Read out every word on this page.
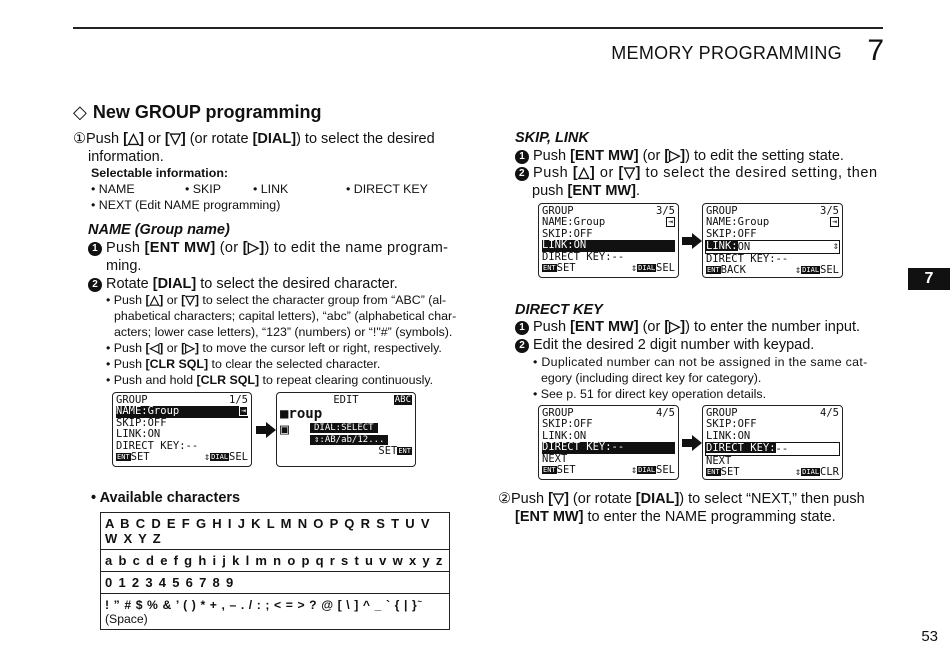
MEMORY PROGRAMMING 7
7
53
◇ New GROUP programming
①Push [△] or [▽] (or rotate [DIAL]) to select the desired
information.
Selectable information:
• NAME	• SKIP	• LINK	• DIRECT KEY
• NEXT (Edit NAME programming)
NAME (Group name)
1 Push [ENT MW] (or [▷]) to edit the name program-
ming.
2 Rotate [DIAL] to select the desired character.
• Push [△] or [▽] to select the character group from “ABC” (al-
phabetical characters; capital letters), “abc” (alphabetical char-
acters; lower case letters), “123” (numbers) or “!"#” (symbols).
• Push [◁] or [▷] to move the cursor left or right, respectively.
• Push [CLR SQL] to clear the selected character.
• Push and hold [CLR SQL] to repeat clearing continuously.
GROUP	1/5
NAME:Group	⇥
SKIP:OFF
LINK:ON
DIRECT KEY:--
ENTSET	⇕DIALSEL
EDIT	ABC
■roup

▣

	DIAL:SELECT

⇕:AB/ab/12...

SETENT
• Available characters
A B C D E F G H I J K L M N O P Q R S T U V W X Y Z
a b c d e f g h i j k l m n o p q r s t u v w x y z
0 1 2 3 4 5 6 7 8 9
! ” # $ % & ’ ( ) * + , – . / : ; < = > ? @ [ \ ] ^ _ ` { | }~ (Space)
SKIP, LINK
1 Push [ENT MW] (or [▷]) to edit the setting state.
2 Push [△] or [▽] to select the desired setting, then
push [ENT MW].
GROUP	3/5
NAME:Group	⇥
SKIP:OFF
LINK:ON
DIRECT KEY:--
ENTSET	⇕DIALSEL
GROUP	3/5
NAME:Group	⇥
SKIP:OFF
LINK:ON	⇕
DIRECT KEY:--
ENTBACK	⇕DIALSEL
DIRECT KEY
1 Push [ENT MW] (or [▷]) to enter the number input.
2 Edit the desired 2 digit number with keypad.
• Duplicated number can not be assigned in the same cat-
egory (including direct key for category).
• See p. 51 for direct key operation details.
GROUP	4/5
SKIP:OFF
LINK:ON
DIRECT KEY:--
NEXT
ENTSET	⇕DIALSEL
GROUP	4/5
SKIP:OFF
LINK:ON
DIRECT KEY:--
NEXT
ENTSET	⇕DIALCLR
②Push [▽] (or rotate [DIAL]) to select “NEXT,” then push
[ENT MW] to enter the NAME programming state.
